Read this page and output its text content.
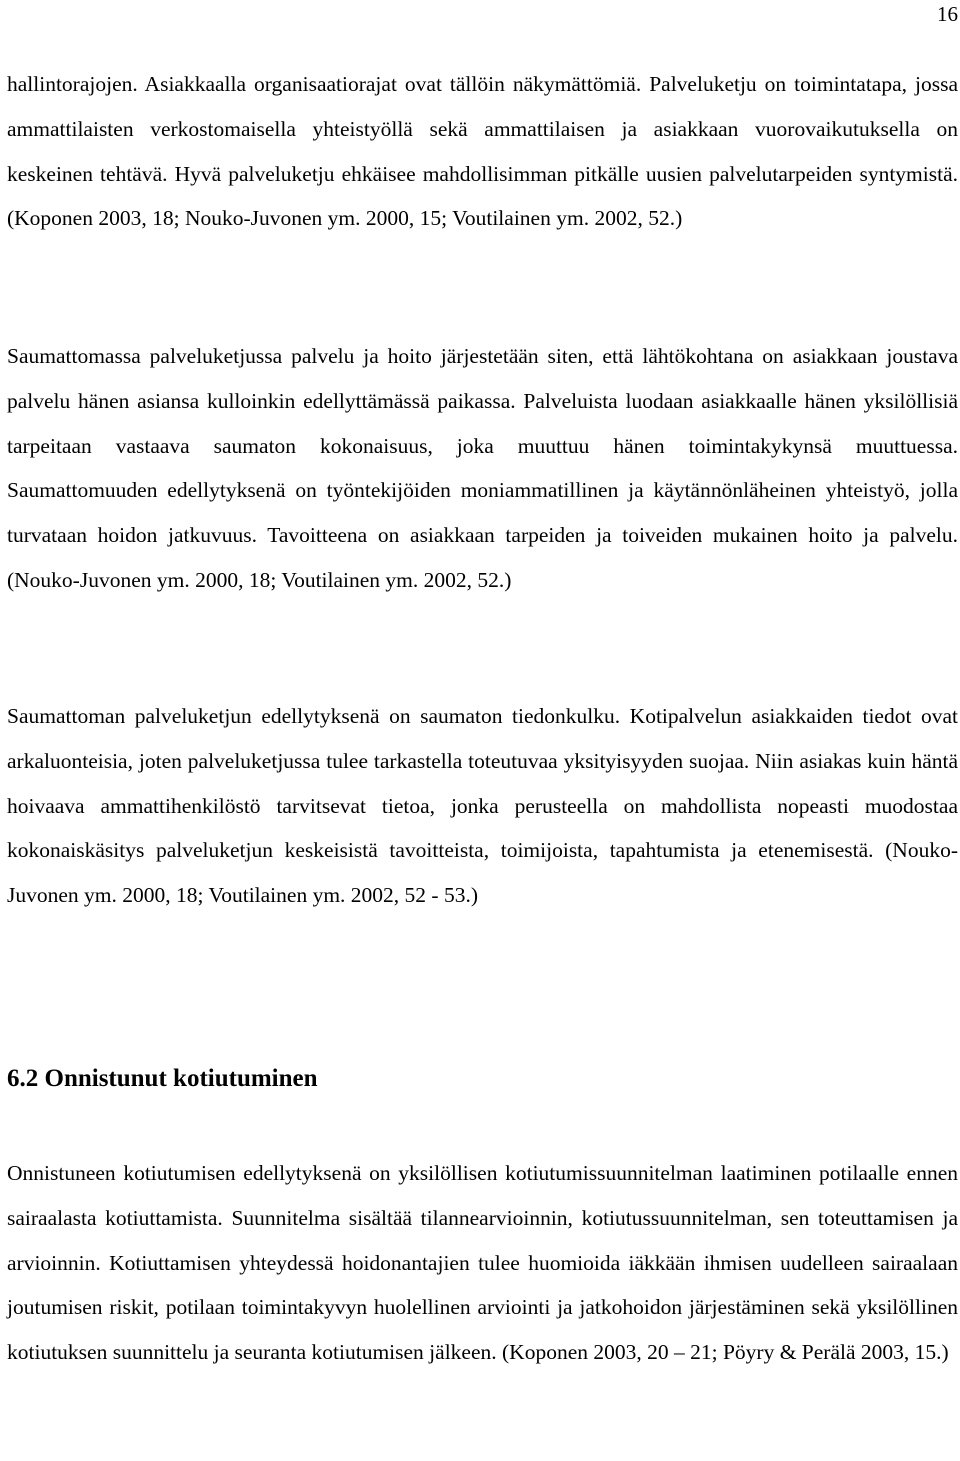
16

hallintorajojen. Asiakkaalla organisaatiorajat ovat tällöin näkymättömiä. Palveluketju on toimintatapa, jossa ammattilaisten verkostomaisella yhteistyöllä sekä ammattilaisen ja asiakkaan vuorovaikutuksella on keskeinen tehtävä. Hyvä palveluketju ehkäisee mahdollisimman pitkälle uusien palvelutarpeiden syntymistä. (Koponen 2003, 18; Nouko-Juvonen ym. 2000, 15; Voutilainen ym. 2002, 52.)

Saumattomassa palveluketjussa palvelu ja hoito järjestetään siten, että lähtökohtana on asiakkaan joustava palvelu hänen asiansa kulloinkin edellyttämässä paikassa. Palveluista luodaan asiakkaalle hänen yksilöllisiä tarpeitaan vastaava saumaton kokonaisuus, joka muuttuu hänen toimintakykynsä muuttuessa. Saumattomuuden edellytyksenä on työntekijöiden moniammatillinen ja käytännönläheinen yhteistyö, jolla turvataan hoidon jatkuvuus. Tavoitteena on asiakkaan tarpeiden ja toiveiden mukainen hoito ja palvelu. (Nouko-Juvonen ym. 2000, 18; Voutilainen ym. 2002, 52.)

Saumattoman palveluketjun edellytyksenä on saumaton tiedonkulku. Kotipalvelun asiakkaiden tiedot ovat arkaluonteisia, joten palveluketjussa tulee tarkastella toteutuvaa yksityisyyden suojaa. Niin asiakas kuin häntä hoivaava ammattihenkilöstö tarvitsevat tietoa, jonka perusteella on mahdollista nopeasti muodostaa kokonaiskäsitys palveluketjun keskeisistä tavoitteista, toimijoista, tapahtumista ja etenemisestä. (Nouko-Juvonen ym. 2000, 18; Voutilainen ym. 2002, 52 - 53.)

6.2 Onnistunut kotiutuminen

Onnistuneen kotiutumisen edellytyksenä on yksilöllisen kotiutumissuunnitelman laatiminen potilaalle ennen sairaalasta kotiuttamista. Suunnitelma sisältää tilannearvioinnin, kotiutussuunnitelman, sen toteuttamisen ja arvioinnin. Kotiuttamisen yhteydessä hoidonantajien tulee huomioida iäkkään ihmisen uudelleen sairaalaan joutumisen riskit, potilaan toimintakyvyn huolellinen arviointi ja jatkohoidon järjestäminen sekä yksilöllinen kotiutuksen suunnittelu ja seuranta kotiutumisen jälkeen. (Koponen 2003, 20 – 21; Pöyry & Perälä 2003, 15.)
